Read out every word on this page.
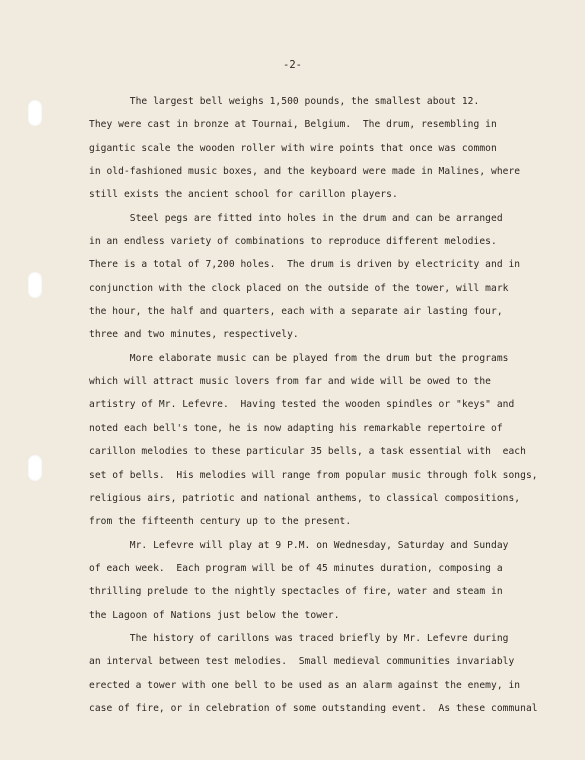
-2-
The largest bell weighs 1,500 pounds, the smallest about 12.
They were cast in bronze at Tournai, Belgium.  The drum, resembling in
gigantic scale the wooden roller with wire points that once was common
in old-fashioned music boxes, and the keyboard were made in Malines, where
still exists the ancient school for carillon players.
Steel pegs are fitted into holes in the drum and can be arranged
in an endless variety of combinations to reproduce different melodies.
There is a total of 7,200 holes.  The drum is driven by electricity and in
conjunction with the clock placed on the outside of the tower, will mark
the hour, the half and quarters, each with a separate air lasting four,
three and two minutes, respectively.
More elaborate music can be played from the drum but the programs
which will attract music lovers from far and wide will be owed to the
artistry of Mr. Lefevre.  Having tested the wooden spindles or "keys" and
noted each bell's tone, he is now adapting his remarkable repertoire of
carillon melodies to these particular 35 bells, a task essential with  each
set of bells.  His melodies will range from popular music through folk songs,
religious airs, patriotic and national anthems, to classical compositions,
from the fifteenth century up to the present.
Mr. Lefevre will play at 9 P.M. on Wednesday, Saturday and Sunday
of each week.  Each program will be of 45 minutes duration, composing a
thrilling prelude to the nightly spectacles of fire, water and steam in
the Lagoon of Nations just below the tower.
The history of carillons was traced briefly by Mr. Lefevre during
an interval between test melodies.  Small medieval communities invariably
erected a tower with one bell to be used as an alarm against the enemy, in
case of fire, or in celebration of some outstanding event.  As these communal
